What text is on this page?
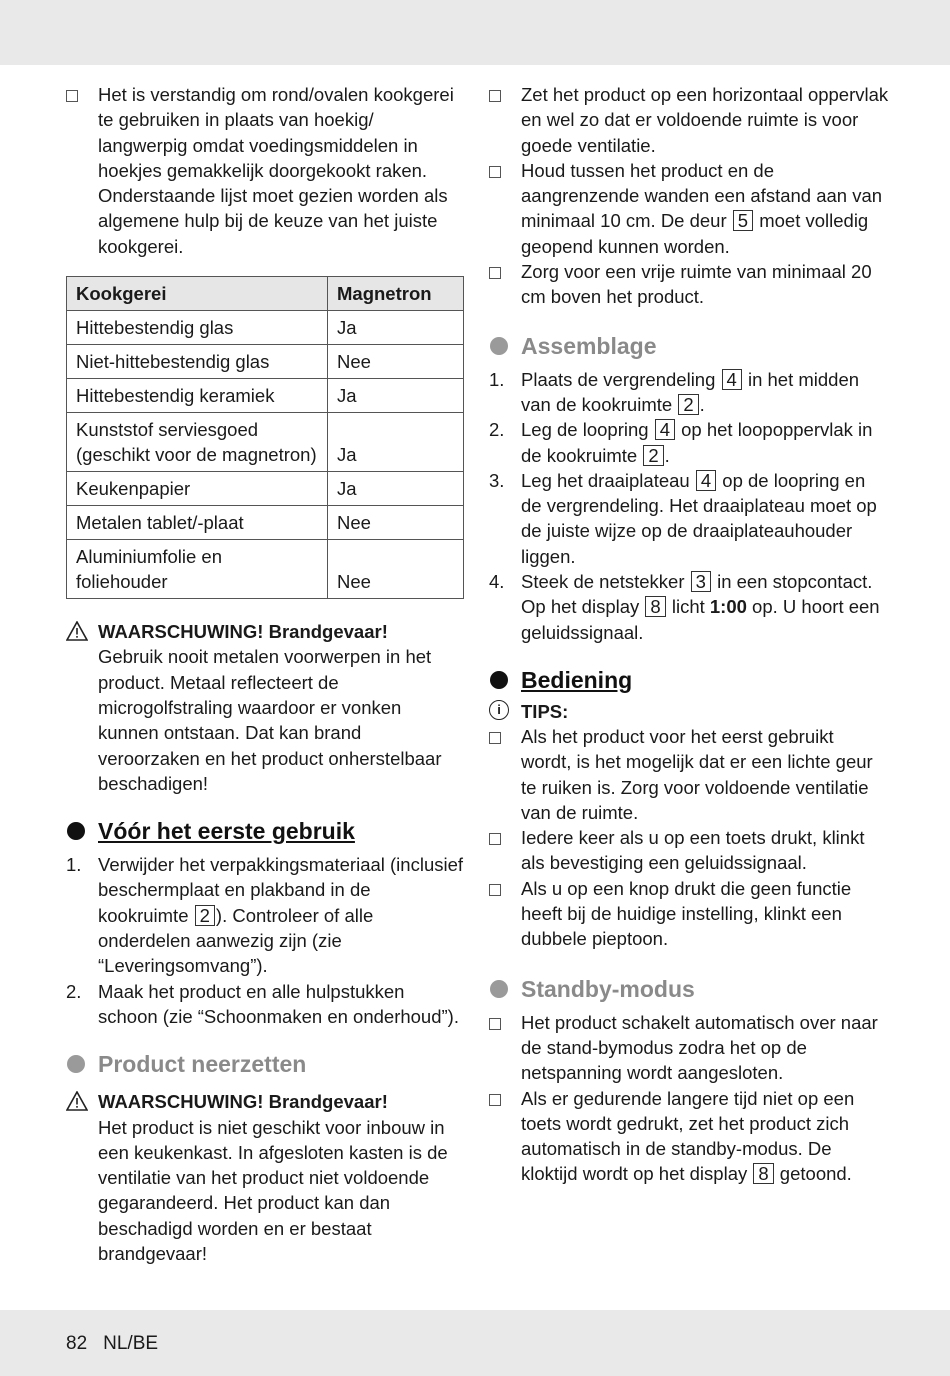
Het is verstandig om rond/ovalen kookgerei te gebruiken in plaats van hoekig/ langwerpig omdat voedingsmiddelen in hoekjes gemakkelijk doorgekookt raken. Onderstaande lijst moet gezien worden als algemene hulp bij de keuze van het juiste kookgerei.
Kookgerei	Magnetron
Hittebestendig glas	Ja
Niet-hittebestendig glas	Nee
Hittebestendig keramiek	Ja
Kunststof serviesgoed (geschikt voor de magnetron)	Ja
Keukenpapier	Ja
Metalen tablet/-plaat	Nee
Aluminiumfolie en foliehouder	Nee
WAARSCHUWING! Brandgevaar!
Gebruik nooit metalen voorwerpen in het product. Metaal reflecteert de microgolfstraling waardoor er vonken kunnen ontstaan. Dat kan brand veroorzaken en het product onherstelbaar beschadigen!
Vóór het eerste gebruik
1. Verwijder het verpakkingsmateriaal (inclusief beschermplaat en plakband in de kookruimte 2 ). Controleer of alle onderdelen aanwezig zijn (zie “Leveringsomvang”).
2. Maak het product en alle hulpstukken schoon (zie “Schoonmaken en onderhoud”).
Product neerzetten
WAARSCHUWING! Brandgevaar!
Het product is niet geschikt voor inbouw in een keukenkast. In afgesloten kasten is de ventilatie van het product niet voldoende gegarandeerd. Het product kan dan beschadigd worden en er bestaat brandgevaar!
Zet het product op een horizontaal oppervlak en wel zo dat er voldoende ruimte is voor goede ventilatie.
Houd tussen het product en de aangrenzende wanden een afstand aan van minimaal 10 cm. De deur 5 moet volledig geopend kunnen worden.
Zorg voor een vrije ruimte van minimaal 20 cm boven het product.
Assemblage
1. Plaats de vergrendeling 4 in het midden van de kookruimte 2 .
2. Leg de loopring 4 op het loopoppervlak in de kookruimte 2 .
3. Leg het draaiplateau 4 op de loopring en de vergrendeling. Het draaiplateau moet op de juiste wijze op de draaiplateauhouder liggen.
4. Steek de netstekker 3 in een stopcontact. Op het display 8 licht 1:00 op. U hoort een geluidssignaal.
Bediening
i	TIPS:
Als het product voor het eerst gebruikt wordt, is het mogelijk dat er een lichte geur te ruiken is. Zorg voor voldoende ventilatie van de ruimte.
Iedere keer als u op een toets drukt, klinkt als bevestiging een geluidssignaal.
Als u op een knop drukt die geen functie heeft bij de huidige instelling, klinkt een dubbele pieptoon.
Standby-modus
Het product schakelt automatisch over naar de stand-bymodus zodra het op de netspanning wordt aangesloten.
Als er gedurende langere tijd niet op een toets wordt gedrukt, zet het product zich automatisch in de standby-modus. De kloktijd wordt op het display 8 getoond.
82 NL/BE
